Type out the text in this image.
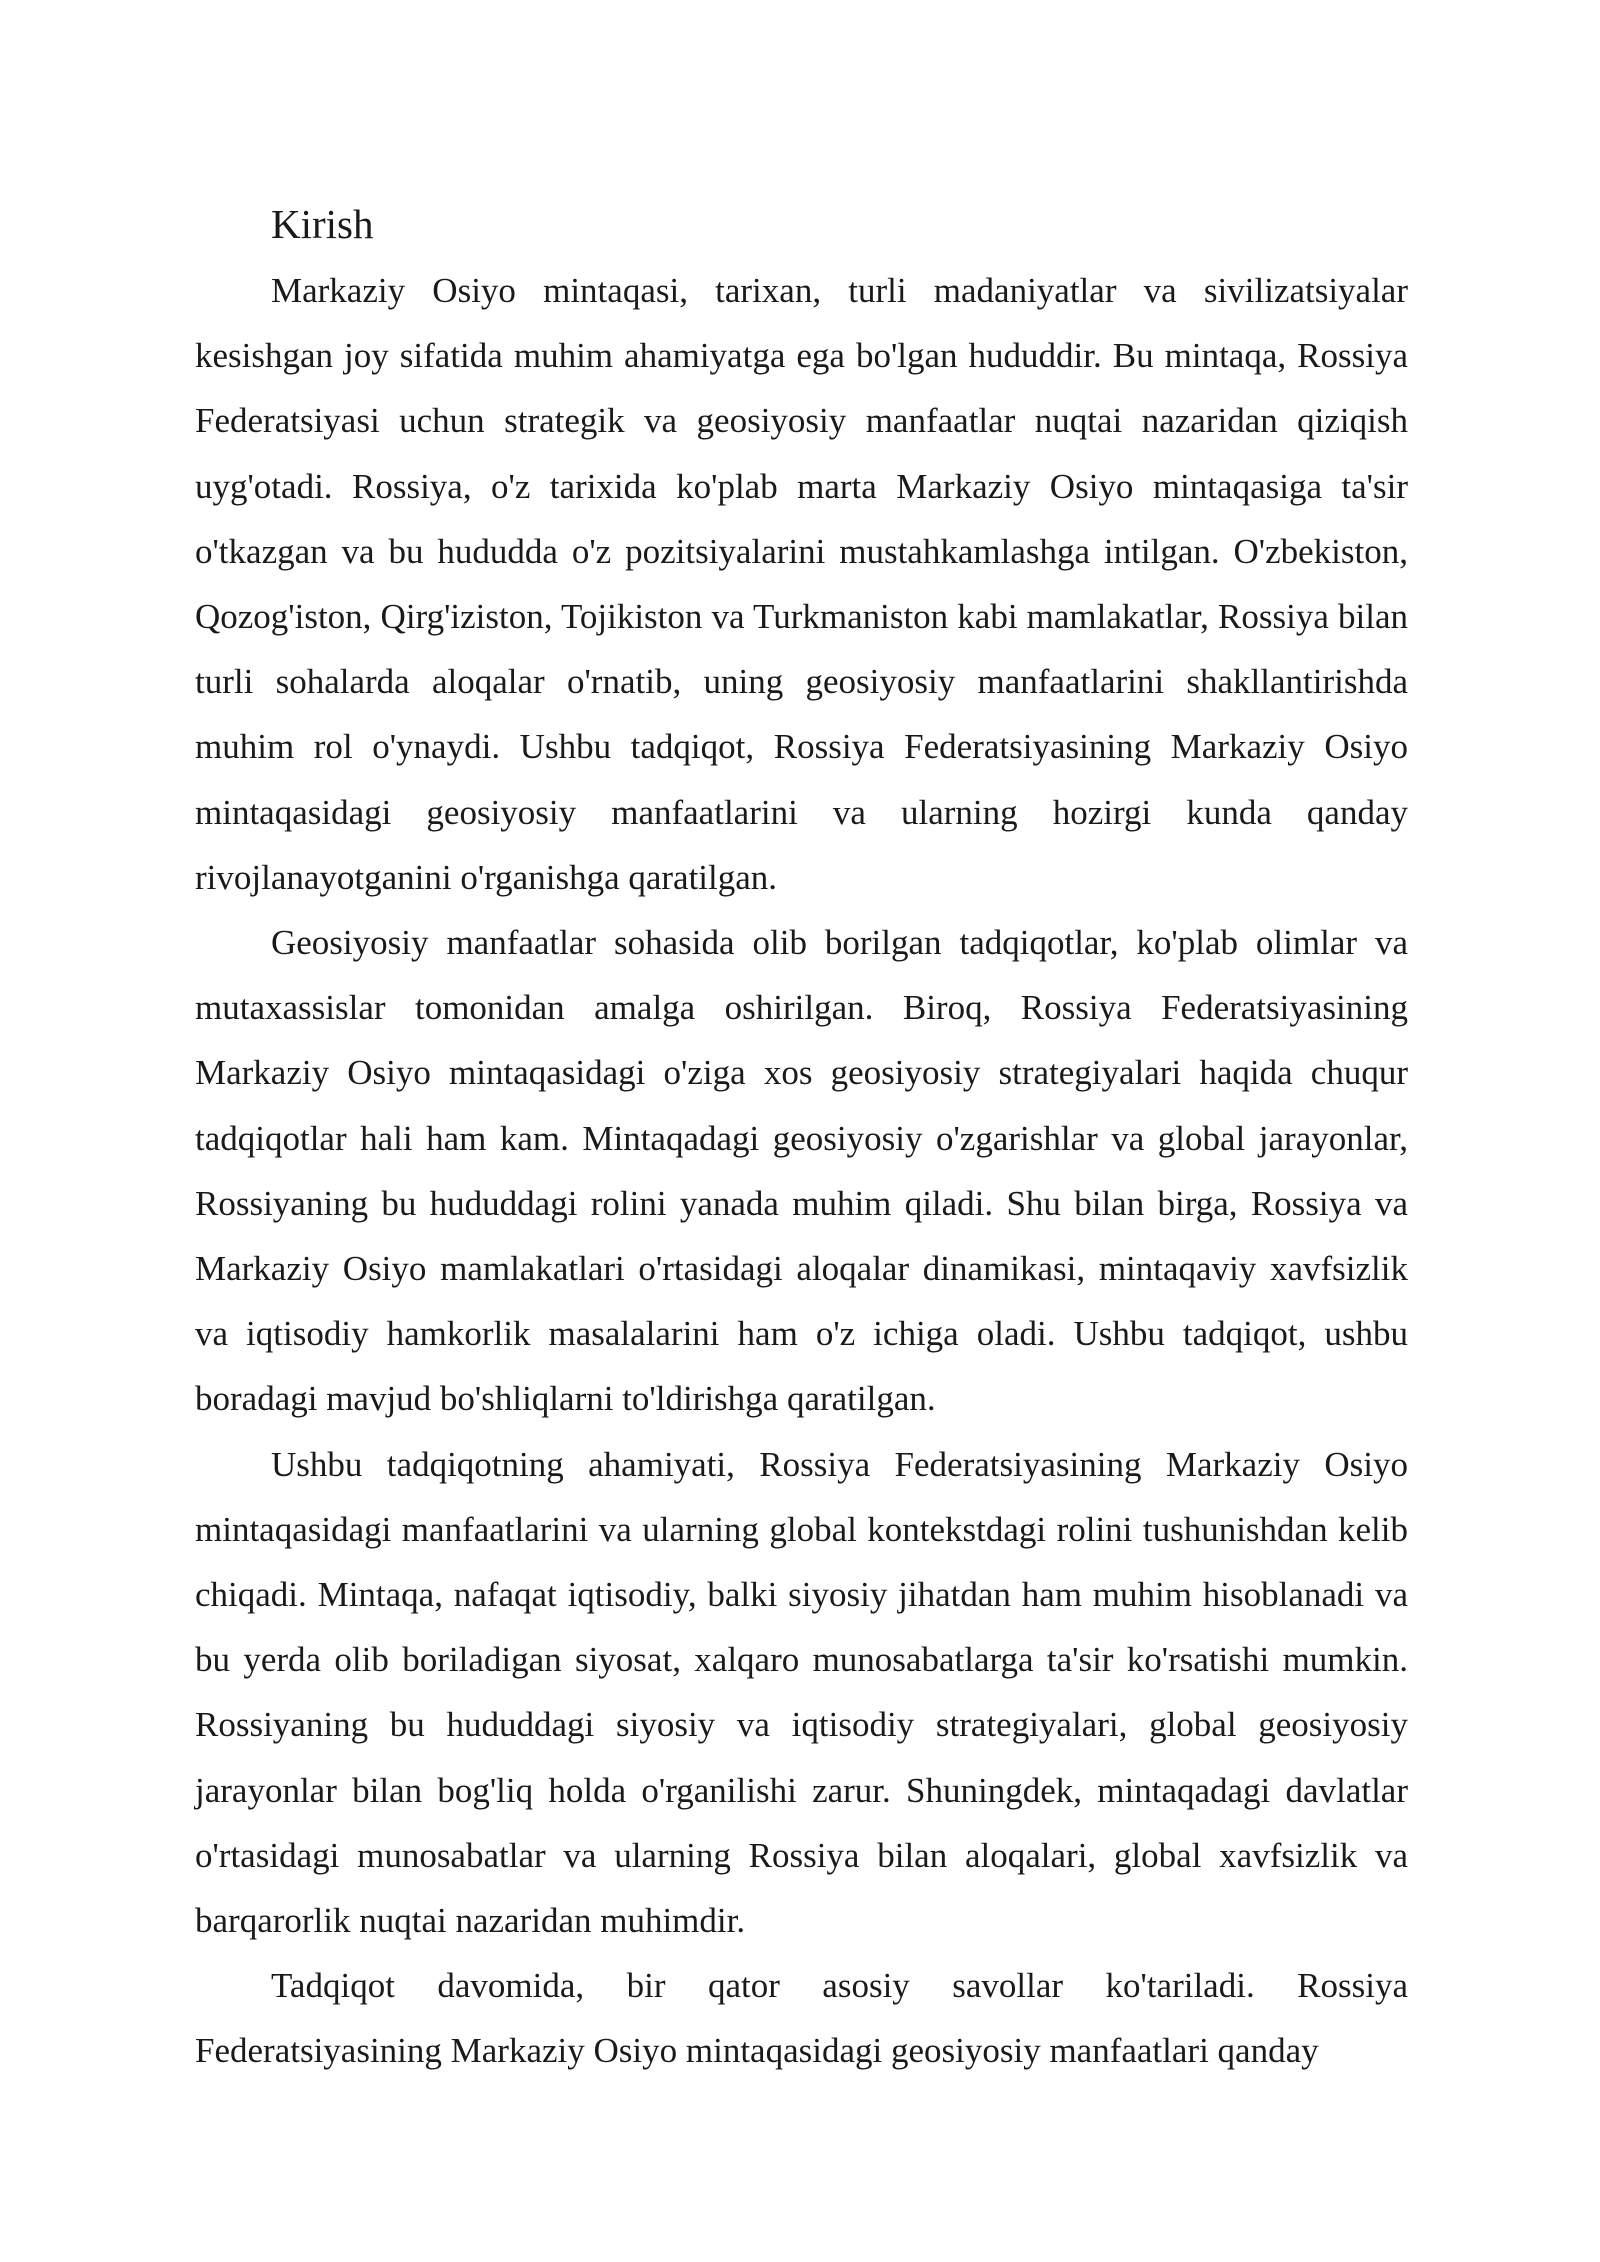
Kirish

Markaziy Osiyo mintaqasi, tarixan, turli madaniyatlar va sivilizatsiyalar kesishgan joy sifatida muhim ahamiyatga ega bo'lgan hududdir. Bu mintaqa, Rossiya Federatsiyasi uchun strategik va geosiyosiy manfaatlar nuqtai nazaridan qiziqish uyg'otadi. Rossiya, o'z tarixida ko'plab marta Markaziy Osiyo mintaqasiga ta'sir o'tkazgan va bu hududda o'z pozitsiyalarini mustahkamlashga intilgan. O'zbekiston, Qozog'iston, Qirg'iziston, Tojikiston va Turkmaniston kabi mamlakatlar, Rossiya bilan turli sohalarda aloqalar o'rnatib, uning geosiyosiy manfaatlarini shakllantirishda muhim rol o'ynaydi. Ushbu tadqiqot, Rossiya Federatsiyasining Markaziy Osiyo mintaqasidagi geosiyosiy manfaatlarini va ularning hozirgi kunda qanday rivojlanayotganini o'rganishga qaratilgan.

Geosiyosiy manfaatlar sohasida olib borilgan tadqiqotlar, ko'plab olimlar va mutaxassislar tomonidan amalga oshirilgan. Biroq, Rossiya Federatsiyasining Markaziy Osiyo mintaqasidagi o'ziga xos geosiyosiy strategiyalari haqida chuqur tadqiqotlar hali ham kam. Mintaqadagi geosiyosiy o'zgarishlar va global jarayonlar, Rossiyaning bu hududdagi rolini yanada muhim qiladi. Shu bilan birga, Rossiya va Markaziy Osiyo mamlakatlari o'rtasidagi aloqalar dinamikasi, mintaqaviy xavfsizlik va iqtisodiy hamkorlik masalalarini ham o'z ichiga oladi. Ushbu tadqiqot, ushbu boradagi mavjud bo'shliqlarni to'ldirishga qaratilgan.

Ushbu tadqiqotning ahamiyati, Rossiya Federatsiyasining Markaziy Osiyo mintaqasidagi manfaatlarini va ularning global kontekstdagi rolini tushunishdan kelib chiqadi. Mintaqa, nafaqat iqtisodiy, balki siyosiy jihatdan ham muhim hisoblanadi va bu yerda olib boriladigan siyosat, xalqaro munosabatlarga ta'sir ko'rsatishi mumkin. Rossiyaning bu hududdagi siyosiy va iqtisodiy strategiyalari, global geosiyosiy jarayonlar bilan bog'liq holda o'rganilishi zarur. Shuningdek, mintaqadagi davlatlar o'rtasidagi munosabatlar va ularning Rossiya bilan aloqalari, global xavfsizlik va barqarorlik nuqtai nazaridan muhimdir.

Tadqiqot davomida, bir qator asosiy savollar ko'tariladi. Rossiya Federatsiyasining Markaziy Osiyo mintaqasidagi geosiyosiy manfaatlari qanday
